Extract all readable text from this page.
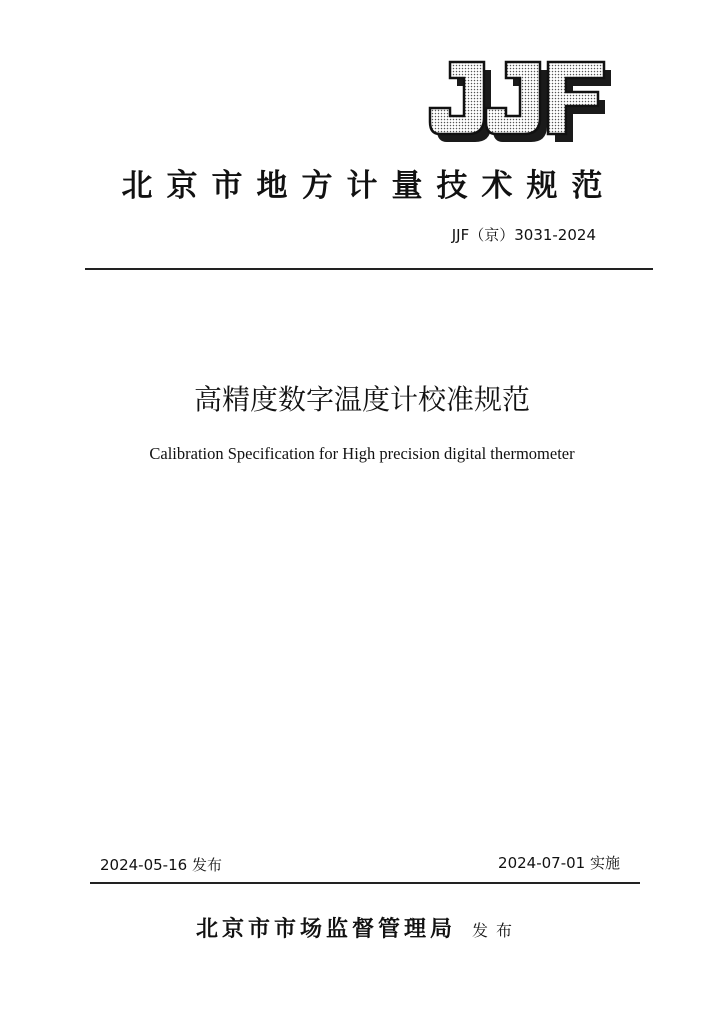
JJF
北京市地方计量技术规范
JJF（京）3031-2024
高精度数字温度计校准规范
Calibration Specification for High precision digital thermometer
2024-05-16 发布	2024-07-01 实施
北京市市场监督管理局 发布
